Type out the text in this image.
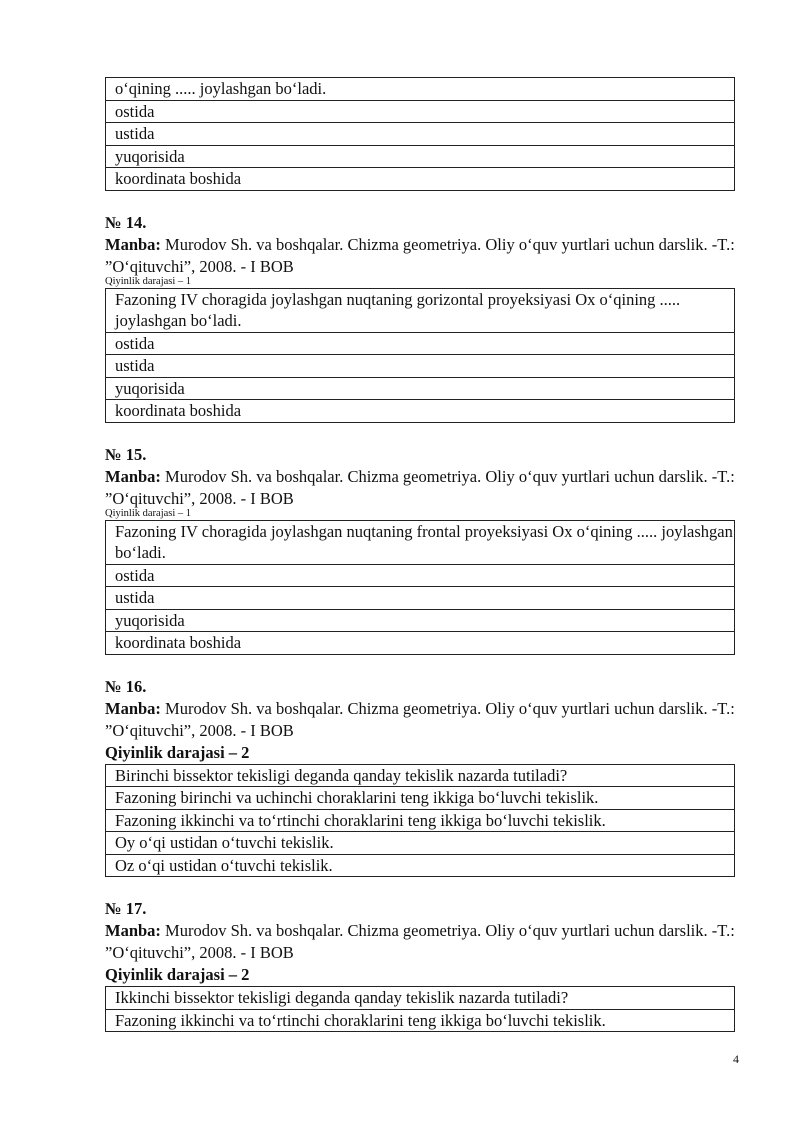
oʻqining ..... joylashgan boʻladi.
ostida
ustida
yuqorisida
koordinata boshida
№ 14.
Manba: Murodov Sh. va boshqalar. Chizma geometriya. Oliy oʻquv yurtlari uchun darslik. -T.: ”Oʻqituvchi”, 2008. - I BOB
Qiyinlik darajasi – 1
Fazoning IV choragida joylashgan nuqtaning gorizontal proyeksiyasi Ox oʻqining ..... joylashgan boʻladi.
ostida
ustida
yuqorisida
koordinata boshida
№ 15.
Manba: Murodov Sh. va boshqalar. Chizma geometriya. Oliy oʻquv yurtlari uchun darslik. -T.: ”Oʻqituvchi”, 2008. - I BOB
Qiyinlik darajasi – 1
Fazoning IV choragida joylashgan nuqtaning frontal proyeksiyasi Ox oʻqining ..... joylashgan boʻladi.
ostida
ustida
yuqorisida
koordinata boshida
№ 16.
Manba: Murodov Sh. va boshqalar. Chizma geometriya. Oliy oʻquv yurtlari uchun darslik. -T.: ”Oʻqituvchi”, 2008. - I BOB
Qiyinlik darajasi – 2
Birinchi bissektor tekisligi deganda qanday tekislik nazarda tutiladi?
Fazoning birinchi va uchinchi choraklarini teng ikkiga boʻluvchi tekislik.
Fazoning ikkinchi va toʻrtinchi choraklarini teng ikkiga boʻluvchi tekislik.
Oy oʻqi ustidan oʻtuvchi tekislik.
Oz oʻqi ustidan oʻtuvchi tekislik.
№ 17.
Manba: Murodov Sh. va boshqalar. Chizma geometriya. Oliy oʻquv yurtlari uchun darslik. -T.: ”Oʻqituvchi”, 2008. - I BOB
Qiyinlik darajasi – 2
Ikkinchi bissektor tekisligi deganda qanday tekislik nazarda tutiladi?
Fazoning ikkinchi va toʻrtinchi choraklarini teng ikkiga boʻluvchi tekislik.
4
